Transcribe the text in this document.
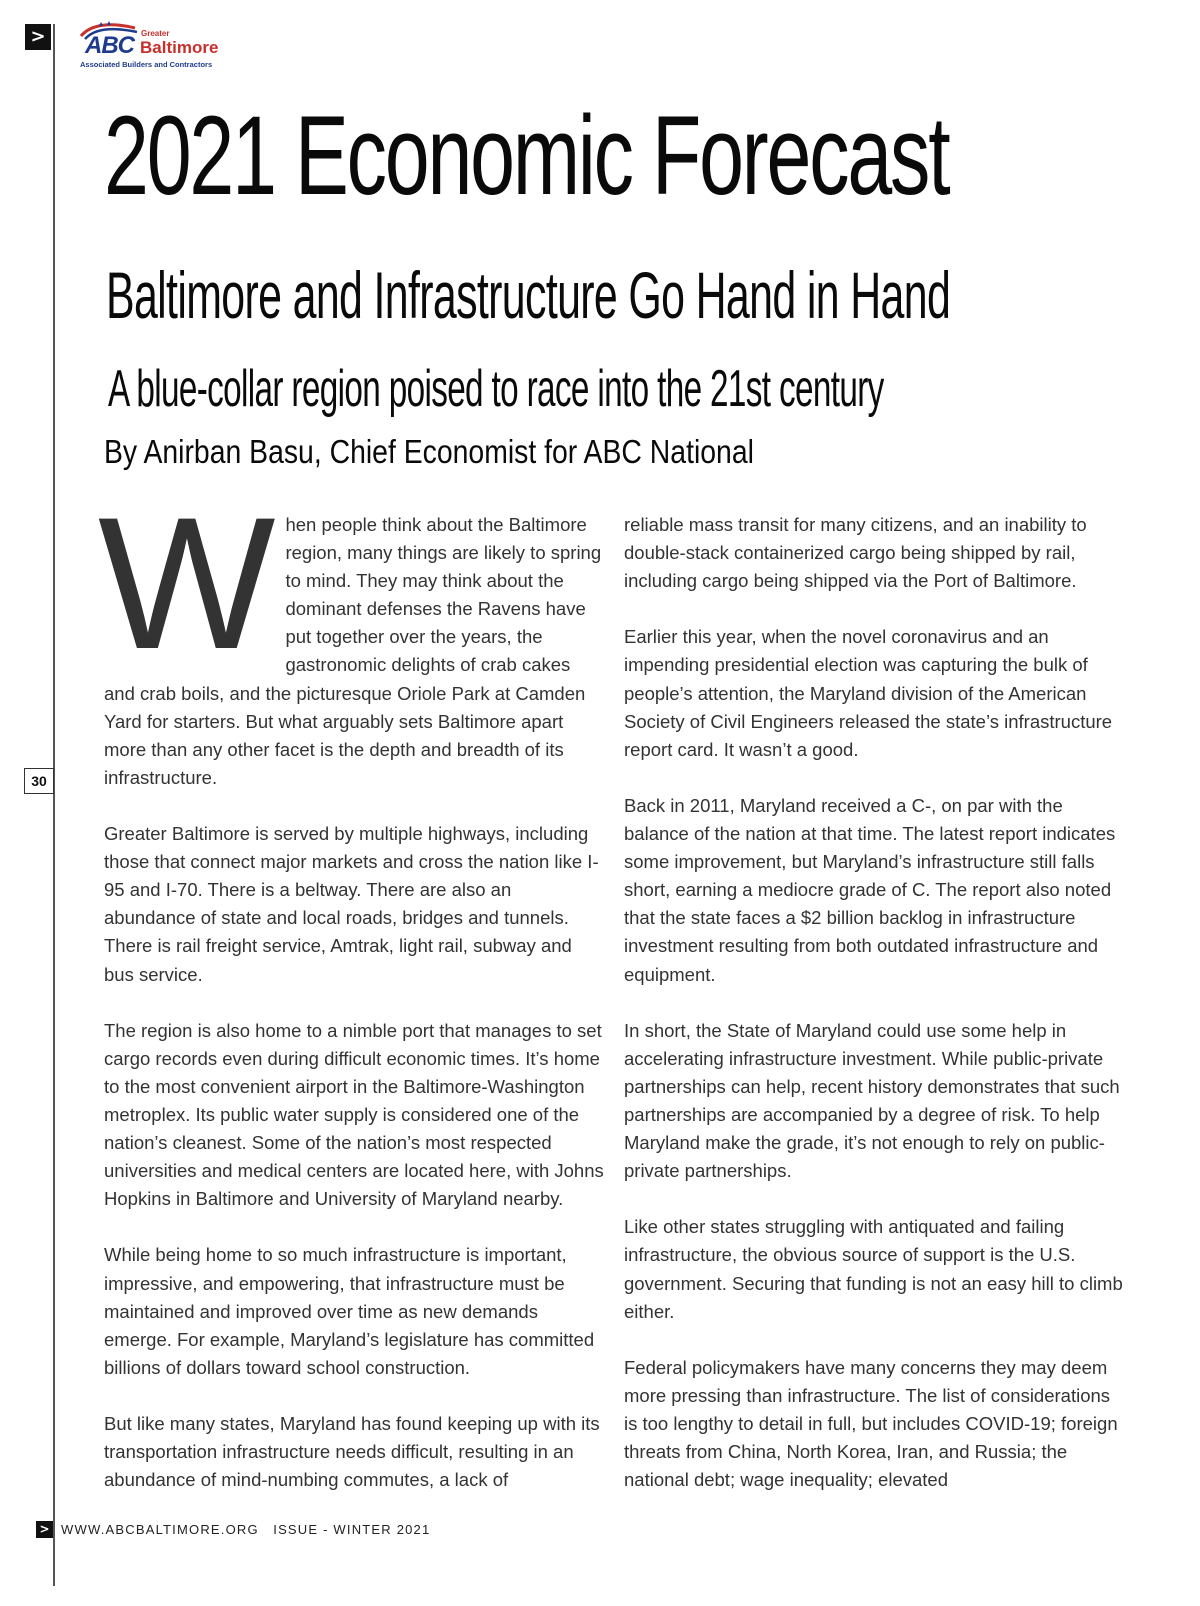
> ABC Greater
Baltimore
Associated Builders and Contractors
2021 Economic Forecast
Baltimore and Infrastructure Go Hand in Hand
A blue-collar region poised to race into the 21st century
By Anirban Basu, Chief Economist for ABC National

When people think about the Baltimore region, many things are likely to spring to mind. They may think about the dominant defenses the Ravens have put together over the years, the gastronomic delights of crab cakes and crab boils, and the picturesque Oriole Park at Camden Yard for starters. But what arguably sets Baltimore apart more than any other facet is the depth and breadth of its infrastructure.

Greater Baltimore is served by multiple highways, including those that connect major markets and cross the nation like I-95 and I-70. There is a beltway. There are also an abundance of state and local roads, bridges and tunnels. There is rail freight service, Amtrak, light rail, subway and bus service.

The region is also home to a nimble port that manages to set cargo records even during difficult economic times. It’s home to the most convenient airport in the Baltimore-Washington metroplex. Its public water supply is considered one of the nation’s cleanest. Some of the nation’s most respected universities and medical centers are located here, with Johns Hopkins in Baltimore and University of Maryland nearby.

While being home to so much infrastructure is important, impressive, and empowering, that infrastructure must be maintained and improved over time as new demands emerge. For example, Maryland’s legislature has committed billions of dollars toward school construction.

But like many states, Maryland has found keeping up with its transportation infrastructure needs difficult, resulting in an abundance of mind-numbing commutes, a lack of

reliable mass transit for many citizens, and an inability to double-stack containerized cargo being shipped by rail, including cargo being shipped via the Port of Baltimore.

Earlier this year, when the novel coronavirus and an impending presidential election was capturing the bulk of people’s attention, the Maryland division of the American Society of Civil Engineers released the state’s infrastructure report card. It wasn’t a good.

Back in 2011, Maryland received a C-, on par with the balance of the nation at that time. The latest report indicates some improvement, but Maryland’s infrastructure still falls short, earning a mediocre grade of C. The report also noted that the state faces a $2 billion backlog in infrastructure investment resulting from both outdated infrastructure and equipment.

In short, the State of Maryland could use some help in accelerating infrastructure investment. While public-private partnerships can help, recent history demonstrates that such partnerships are accompanied by a degree of risk. To help Maryland make the grade, it’s not enough to rely on public-private partnerships.

Like other states struggling with antiquated and failing infrastructure, the obvious source of support is the U.S. government. Securing that funding is not an easy hill to climb either.

Federal policymakers have many concerns they may deem more pressing than infrastructure. The list of considerations is too lengthy to detail in full, but includes COVID-19; foreign threats from China, North Korea, Iran, and Russia; the national debt; wage inequality; elevated

30
> WWW.ABCBALTIMORE.ORG   ISSUE - WINTER 2021
